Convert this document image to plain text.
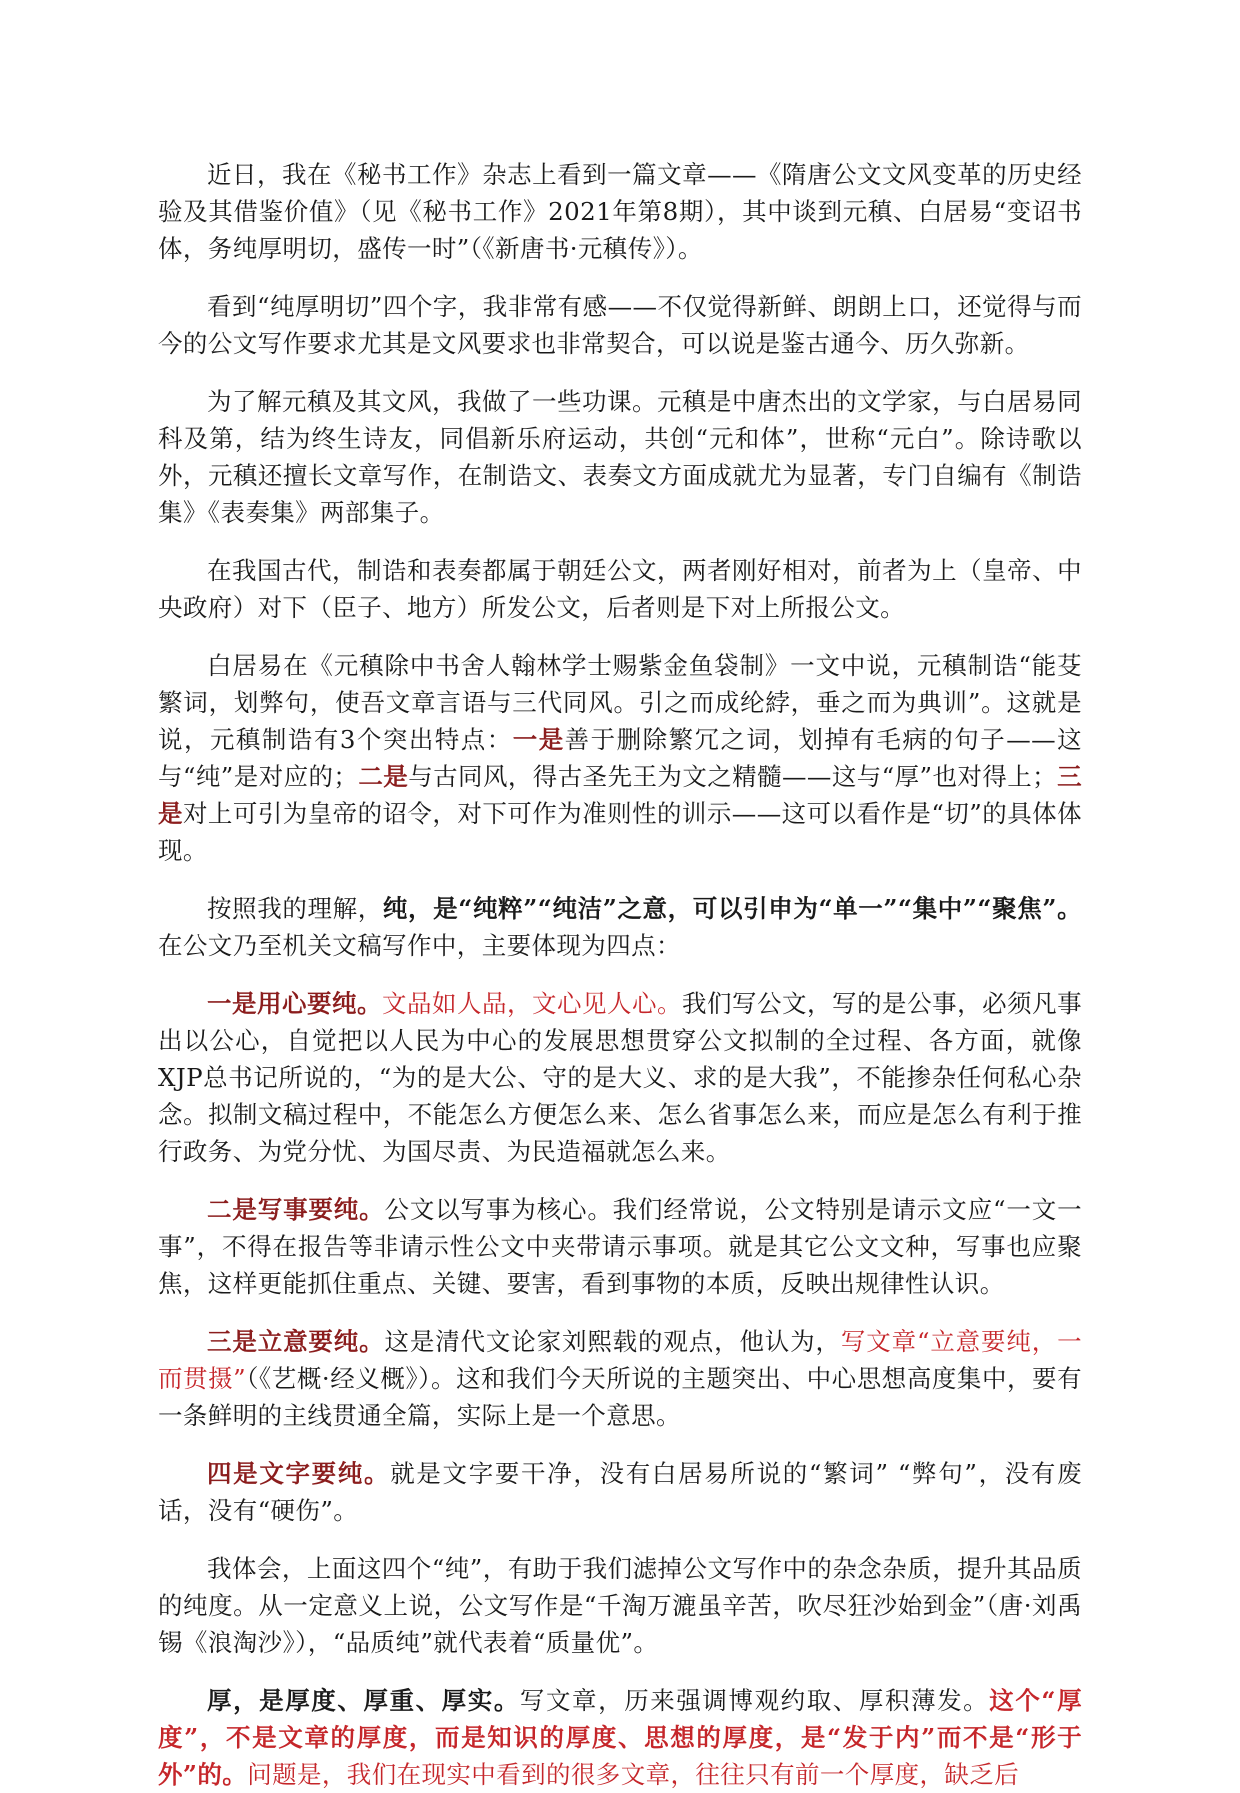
近日，我在《秘书工作》杂志上看到一篇文章——《隋唐公文文风变革的历史经验及其借鉴价值》（见《秘书工作》2021年第8期），其中谈到元稹、白居易“变诏书体，务纯厚明切，盛传一时”（《新唐书·元稹传》）。

看到“纯厚明切”四个字，我非常有感——不仅觉得新鲜、朗朗上口，还觉得与而今的公文写作要求尤其是文风要求也非常契合，可以说是鉴古通今、历久弥新。

为了解元稹及其文风，我做了一些功课。元稹是中唐杰出的文学家，与白居易同科及第，结为终生诗友，同倡新乐府运动，共创“元和体”，世称“元白”。除诗歌以外，元稹还擅长文章写作，在制诰文、表奏文方面成就尤为显著，专门自编有《制诰集》《表奏集》两部集子。

在我国古代，制诰和表奏都属于朝廷公文，两者刚好相对，前者为上（皇帝、中央政府）对下（臣子、地方）所发公文，后者则是下对上所报公文。

白居易在《元稹除中书舍人翰林学士赐紫金鱼袋制》一文中说，元稹制诰“能芟繁词，划弊句，使吾文章言语与三代同风。引之而成纶綍，垂之而为典训”。这就是说，元稹制诰有3个突出特点：一是善于删除繁冗之词，划掉有毛病的句子——这与“纯”是对应的；二是与古同风，得古圣先王为文之精髓——这与“厚”也对得上；三是对上可引为皇帝的诏令，对下可作为准则性的训示——这可以看作是“切”的具体体现。

按照我的理解，纯，是“纯粹”“纯洁”之意，可以引申为“单一”“集中”“聚焦”。在公文乃至机关文稿写作中，主要体现为四点：

一是用心要纯。文品如人品，文心见人心。我们写公文，写的是公事，必须凡事出以公心，自觉把以人民为中心的发展思想贯穿公文拟制的全过程、各方面，就像XJP总书记所说的，“为的是大公、守的是大义、求的是大我”，不能掺杂任何私心杂念。拟制文稿过程中，不能怎么方便怎么来、怎么省事怎么来，而应是怎么有利于推行政务、为党分忧、为国尽责、为民造福就怎么来。

二是写事要纯。公文以写事为核心。我们经常说，公文特别是请示文应“一文一事”，不得在报告等非请示性公文中夹带请示事项。就是其它公文文种，写事也应聚焦，这样更能抓住重点、关键、要害，看到事物的本质，反映出规律性认识。

三是立意要纯。这是清代文论家刘熙载的观点，他认为，写文章“立意要纯，一而贯摄”（《艺概·经义概》）。这和我们今天所说的主题突出、中心思想高度集中，要有一条鲜明的主线贯通全篇，实际上是一个意思。

四是文字要纯。就是文字要干净，没有白居易所说的“繁词” “弊句”，没有废话，没有“硬伤”。

我体会，上面这四个“纯”，有助于我们滤掉公文写作中的杂念杂质，提升其品质的纯度。从一定意义上说，公文写作是“千淘万漉虽辛苦，吹尽狂沙始到金”（唐·刘禹锡《浪淘沙》），“品质纯”就代表着“质量优”。

厚，是厚度、厚重、厚实。写文章，历来强调博观约取、厚积薄发。这个“厚度”，不是文章的厚度，而是知识的厚度、思想的厚度，是“发于内”而不是“形于外”的。问题是，我们在现实中看到的很多文章，往往只有前一个厚度，缺乏后
